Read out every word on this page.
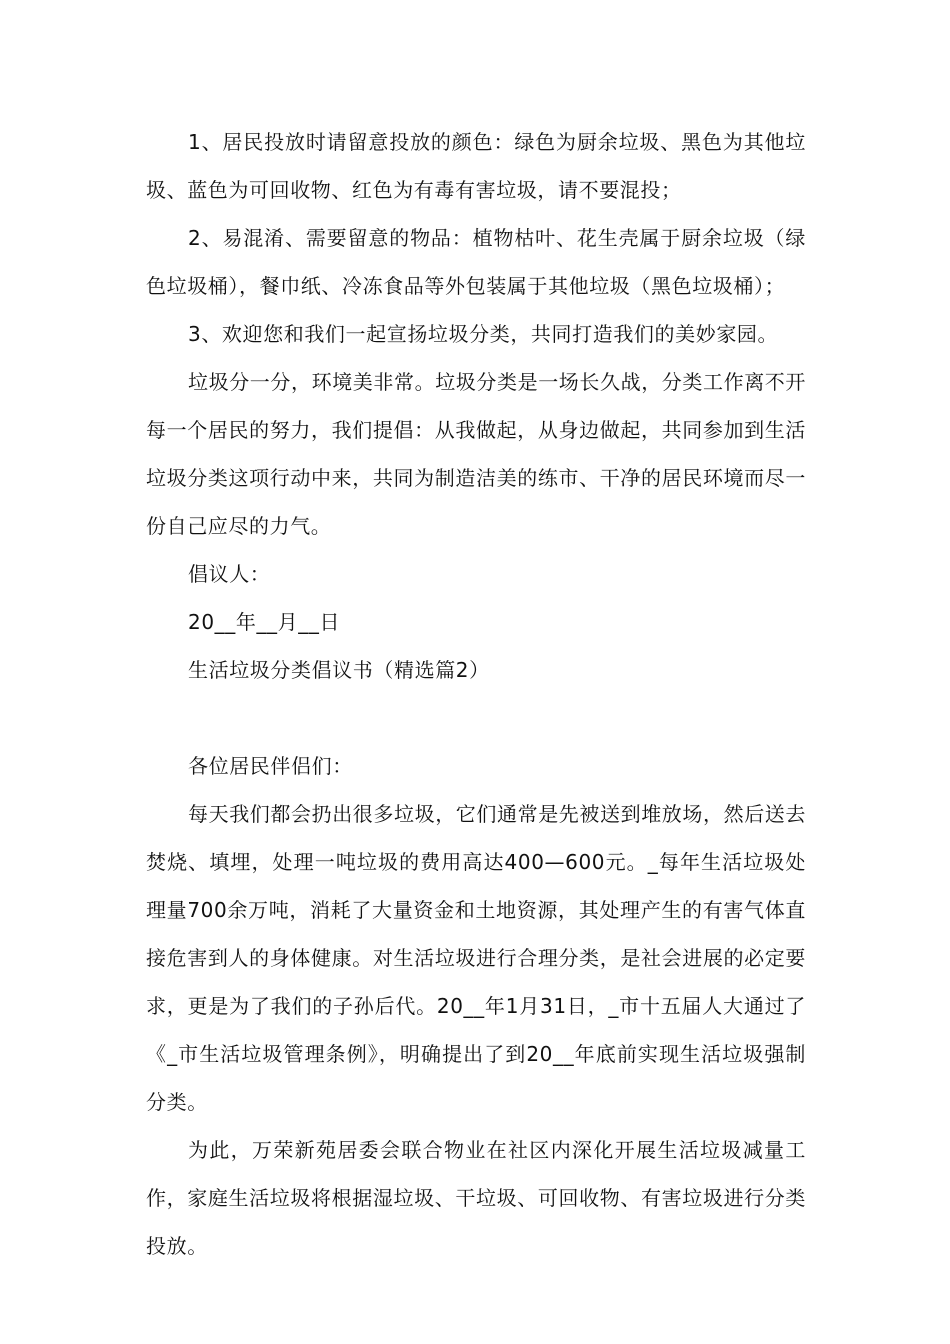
1、居民投放时请留意投放的颜色：绿色为厨余垃圾、黑色为其他垃圾、蓝色为可回收物、红色为有毒有害垃圾，请不要混投；

2、易混淆、需要留意的物品：植物枯叶、花生壳属于厨余垃圾（绿色垃圾桶），餐巾纸、冷冻食品等外包装属于其他垃圾（黑色垃圾桶）；

3、欢迎您和我们一起宣扬垃圾分类，共同打造我们的美妙家园。

垃圾分一分，环境美非常。垃圾分类是一场长久战，分类工作离不开每一个居民的努力，我们提倡：从我做起，从身边做起，共同参加到生活垃圾分类这项行动中来，共同为制造洁美的练市、干净的居民环境而尽一份自己应尽的力气。

倡议人：

20__年__月__日

生活垃圾分类倡议书（精选篇2）

各位居民伴侣们：

每天我们都会扔出很多垃圾，它们通常是先被送到堆放场，然后送去焚烧、填埋，处理一吨垃圾的费用高达400—600元。_每年生活垃圾处理量700余万吨，消耗了大量资金和土地资源，其处理产生的有害气体直接危害到人的身体健康。对生活垃圾进行合理分类，是社会进展的必定要求，更是为了我们的子孙后代。20__年1月31日，_市十五届人大通过了《_市生活垃圾管理条例》，明确提出了到20__年底前实现生活垃圾强制分类。

为此，万荣新苑居委会联合物业在社区内深化开展生活垃圾减量工作，家庭生活垃圾将根据湿垃圾、干垃圾、可回收物、有害垃圾进行分类投放。
